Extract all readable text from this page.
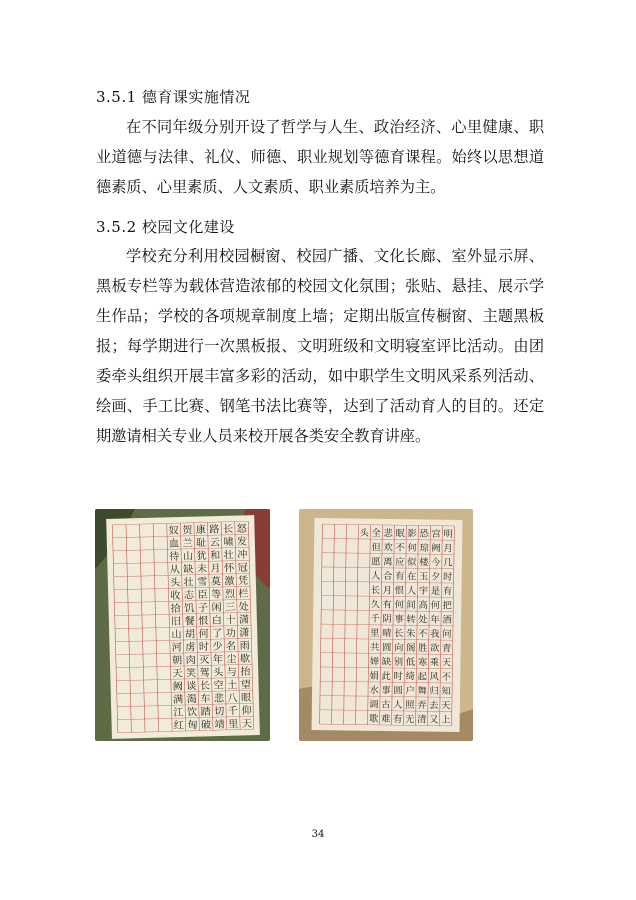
3.5.1 德育课实施情况

在不同年级分别开设了哲学与人生、政治经济、心里健康、职业道德与法律、礼仪、师德、职业规划等德育课程。始终以思想道德素质、心里素质、人文素质、职业素质培养为主。

3.5.2 校园文化建设

学校充分利用校园橱窗、校园广播、文化长廊、室外显示屏、黑板专栏等为载体营造浓郁的校园文化氛围；张贴、悬挂、展示学生作品；学校的各项规章制度上墙；定期出版宣传橱窗、主题黑板报；每学期进行一次黑板报、文明班级和文明寝室评比活动。由团委牵头组织开展丰富多彩的活动，如中职学生文明风采系列活动、绘画、手工比赛、钢笔书法比赛等，达到了活动育人的目的。还定期邀请相关专业人员来校开展各类安全教育讲座。

怒
发
冲
冠
凭
栏
处
潇
潇
雨
歇
抬
望
眼
仰
天
长
啸
壮
怀
激
烈
三
十
功
名
尘
与
土
八
千
里
路
云
和
月
莫
等
闲
白
了
少
年
头
空
悲
切
靖
康
耻
犹
未
雪
臣
子
恨
何
时
灭
驾
长
车
踏
破
贺
兰
山
缺
壮
志
饥
餐
胡
虏
肉
笑
谈
渴
饮
匈
奴
血
待
从
头
收
拾
旧
山
河
朝
天
阙
满
江
红
明
月
几
时
有
把
酒
问
青
天
不
知
天
上
宫
阙
今
夕
是
何
年
我
欲
乘
风
归
去
又
恐
琼
楼
玉
宇
高
处
不
胜
寒
起
舞
弄
清
影
何
似
在
人
间
转
朱
阁
低
绮
户
照
无
眠
不
应
有
恨
何
事
长
向
别
时
圆
人
有
悲
欢
离
合
月
有
阴
晴
圆
缺
此
事
古
难
全
但
愿
人
长
久
千
里
共
婵
娟
水
调
歌
头
34
